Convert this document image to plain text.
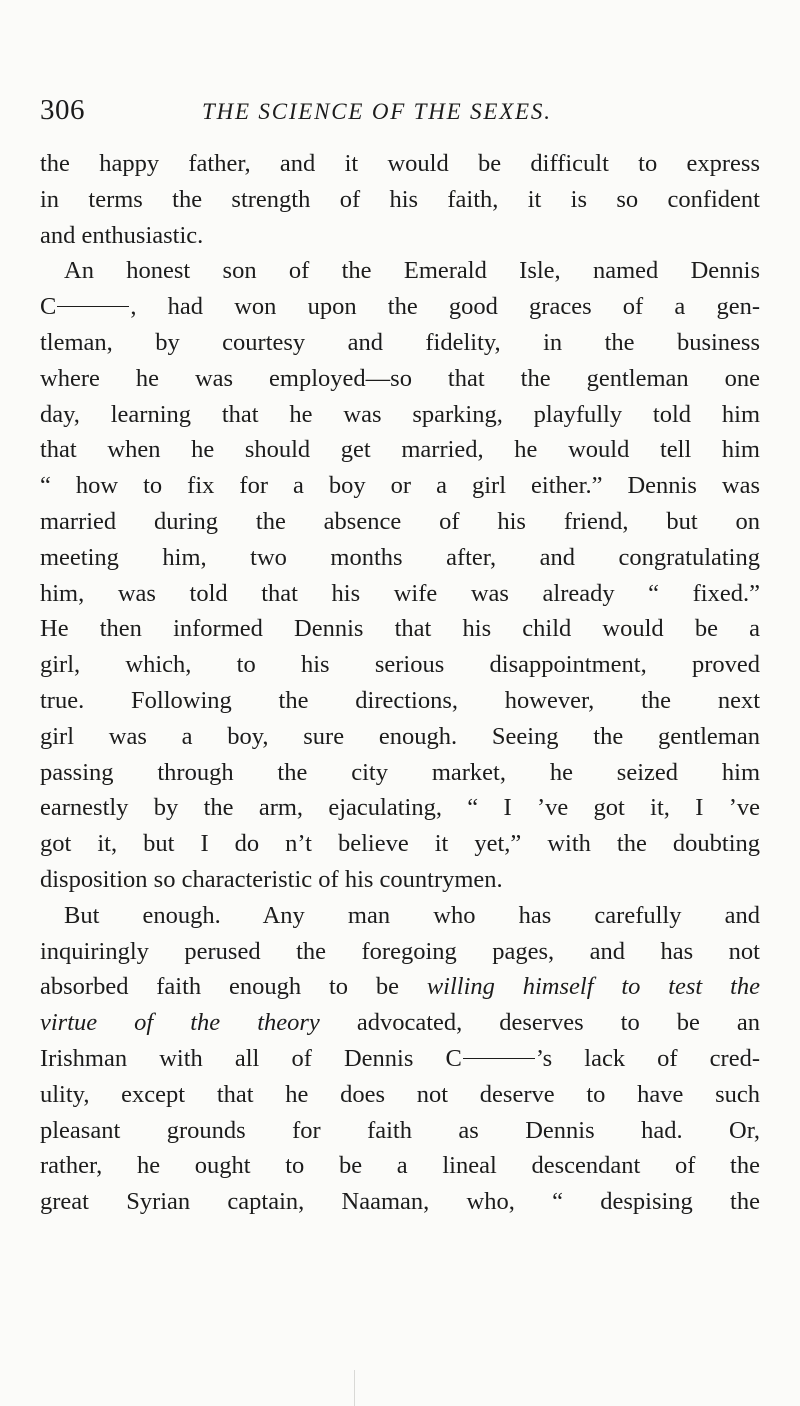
306	THE SCIENCE OF THE SEXES.
the happy father, and it would be difficult to express
in terms the strength of his faith, it is so confident
and enthusiastic.
An honest son of the Emerald Isle, named Dennis
C	, had won upon the good graces of a gen-
tleman, by courtesy and fidelity, in the business
where he was employed—so that the gentleman one
day, learning that he was sparking, playfully told him
that when he should get married, he would tell him
“ how to fix for a boy or a girl either.” Dennis was
married during the absence of his friend, but on
meeting him, two months after, and congratulating
him, was told that his wife was already “ fixed.”
He then informed Dennis that his child would be a
girl, which, to his serious disappointment, proved
true. Following the directions, however, the next
girl was a boy, sure enough. Seeing the gentleman
passing through the city market, he seized him
earnestly by the arm, ejaculating, “ I ’ve got it, I ’ve
got it, but I do n’t believe it yet,” with the doubting
disposition so characteristic of his countrymen.
But enough. Any man who has carefully and
inquiringly perused the foregoing pages, and has not
absorbed faith enough to be willing himself to test the
virtue of the theory advocated, deserves to be an
Irishman with all of Dennis C	’s lack of cred-
ulity, except that he does not deserve to have such
pleasant grounds for faith as Dennis had. Or,
rather, he ought to be a lineal descendant of the
great Syrian captain, Naaman, who, “ despising the
